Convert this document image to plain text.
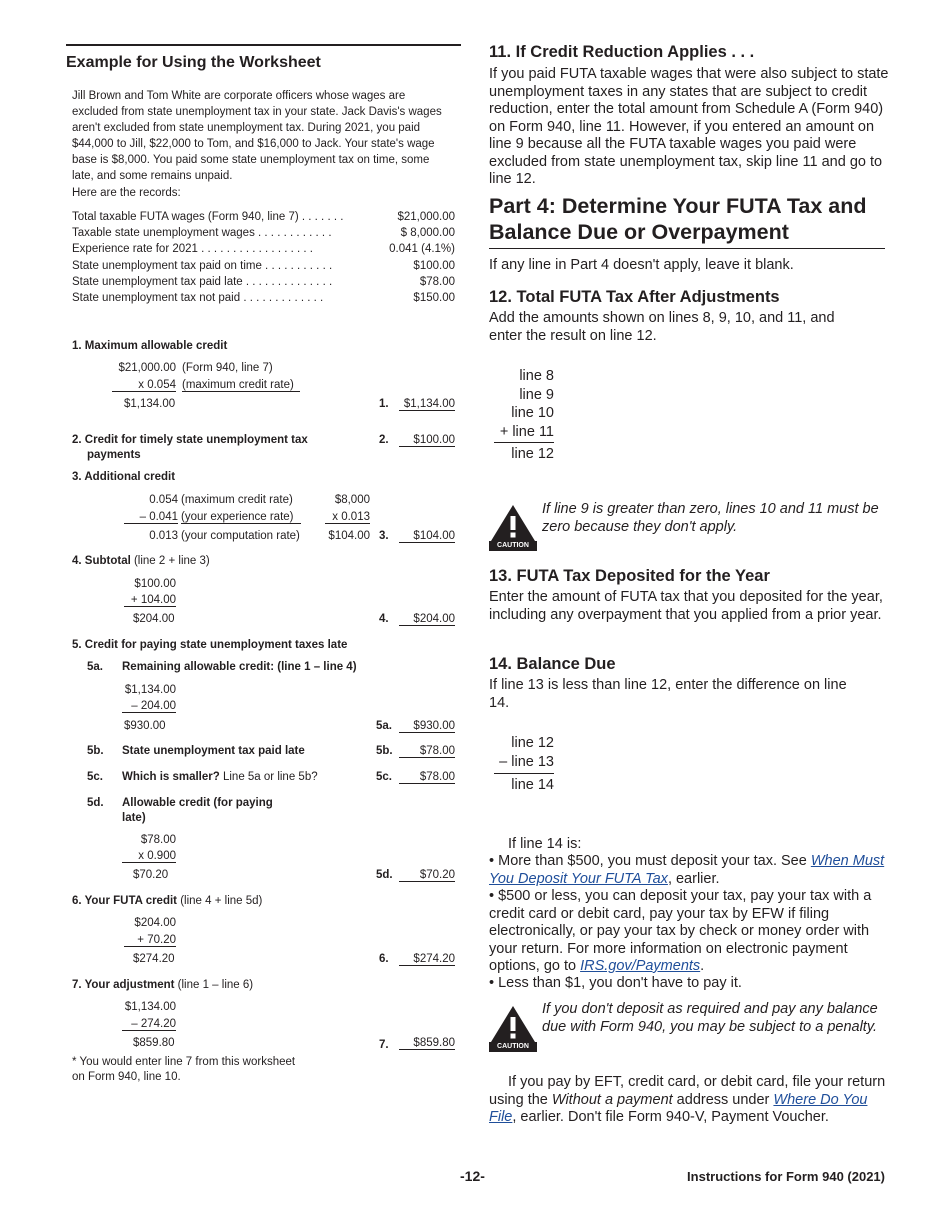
Example for Using the Worksheet
Jill Brown and Tom White are corporate officers whose wages are excluded from state unemployment tax in your state. Jack Davis's wages aren't excluded from state unemployment tax. During 2021, you paid $44,000 to Jill, $22,000 to Tom, and $16,000 to Jack. Your state's wage base is $8,000. You paid some state unemployment tax on time, some late, and some remains unpaid.
Here are the records:
Total taxable FUTA wages (Form 940, line 7) . . . . . . .	$21,000.00
Taxable state unemployment wages . . . . . . . . . . . .	$ 8,000.00
Experience rate for 2021 . . . . . . . . . . . . . . . . . .	0.041 (4.1%)
State unemployment tax paid on time . . . . . . . . . . .	$100.00
State unemployment tax paid late . . . . . . . . . . . . . .	$78.00
State unemployment tax not paid . . . . . . . . . . . . .	$150.00
1. Maximum allowable credit
$21,000.00 (Form 940, line 7)
x 0.054 (maximum credit rate)
$1,134.00	1.	$1,134.00
2. Credit for timely state unemployment tax
payments
2.	$100.00
3. Additional credit
0.054 (maximum credit rate)	$8,000
– 0.041 (your experience rate)	x 0.013
0.013 (your computation rate)	$104.00 3.	$104.00
4. Subtotal (line 2 + line 3)
$100.00
+ 104.00
$204.00	4.	$204.00
5. Credit for paying state unemployment taxes late
5a. Remaining allowable credit: (line 1 – line 4)
$1,134.00
– 204.00
$930.00	5a.	$930.00
5b. State unemployment tax paid late	5b.	$78.00
5c. Which is smaller? Line 5a or line 5b?	5c.	$78.00
5d. Allowable credit (for paying
late)
$78.00
x 0.900
$70.20	5d.	$70.20
6. Your FUTA credit (line 4 + line 5d)
$204.00
+ 70.20
$274.20	6.	$274.20
7. Your adjustment (line 1 – line 6)
$1,134.00
– 274.20
$859.80	7.	$859.80
* You would enter line 7 from this worksheet
on Form 940, line 10.
11. If Credit Reduction Applies . . .
If you paid FUTA taxable wages that were also subject to state unemployment taxes in any states that are subject to credit reduction, enter the total amount from Schedule A (Form 940) on Form 940, line 11. However, if you entered an amount on line 9 because all the FUTA taxable wages you paid were excluded from state unemployment tax, skip line 11 and go to line 12.
Part 4: Determine Your FUTA Tax and
Balance Due or Overpayment
If any line in Part 4 doesn't apply, leave it blank.
12. Total FUTA Tax After Adjustments
Add the amounts shown on lines 8, 9, 10, and 11, and enter the result on line 12.
line 8
line 9
line 10
+ line 11
line 12
CAUTION
If line 9 is greater than zero, lines 10 and 11 must be zero because they don't apply.
13. FUTA Tax Deposited for the Year
Enter the amount of FUTA tax that you deposited for the year, including any overpayment that you applied from a prior year.
14. Balance Due
If line 13 is less than line 12, enter the difference on line 14.
line 12
– line 13
line 14
If line 14 is:
• More than $500, you must deposit your tax. See When Must You Deposit Your FUTA Tax, earlier.
• $500 or less, you can deposit your tax, pay your tax with a credit card or debit card, pay your tax by EFW if filing electronically, or pay your tax by check or money order with your return. For more information on electronic payment options, go to IRS.gov/Payments.
• Less than $1, you don't have to pay it.
CAUTION
If you don't deposit as required and pay any balance due with Form 940, you may be subject to a penalty.
If you pay by EFT, credit card, or debit card, file your return using the Without a payment address under Where Do You File, earlier. Don't file Form 940-V, Payment Voucher.
-12-	Instructions for Form 940 (2021)
